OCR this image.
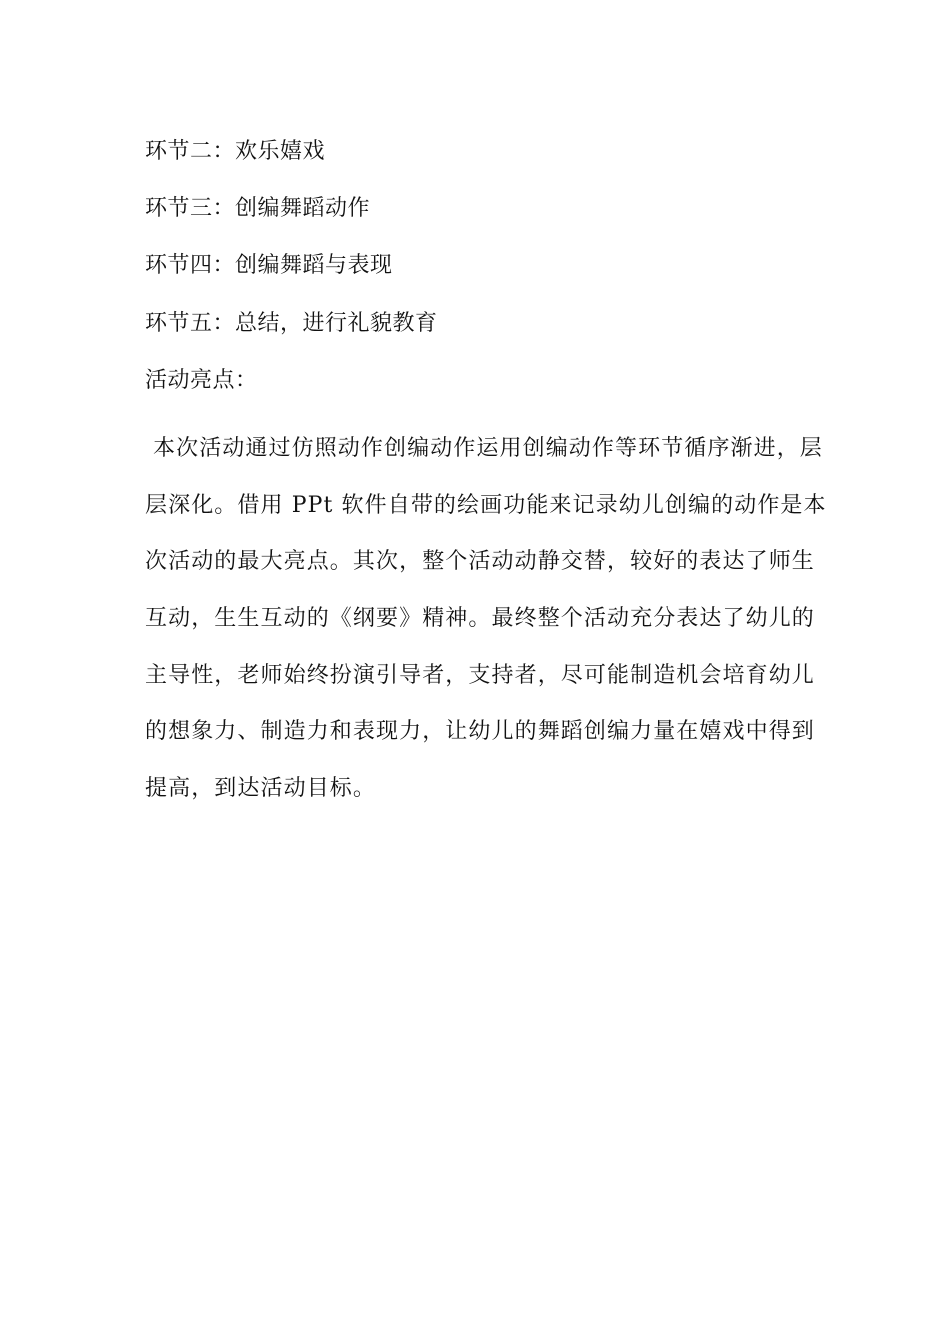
环节二：欢乐嬉戏
环节三：创编舞蹈动作
环节四：创编舞蹈与表现
环节五：总结，进行礼貌教育
活动亮点：
本次活动通过仿照动作创编动作运用创编动作等环节循序渐进，层
层深化。借用 PPt 软件自带的绘画功能来记录幼儿创编的动作是本
次活动的最大亮点。其次，整个活动动静交替，较好的表达了师生
互动，生生互动的《纲要》精神。最终整个活动充分表达了幼儿的
主导性，老师始终扮演引导者，支持者，尽可能制造机会培育幼儿
的想象力、制造力和表现力，让幼儿的舞蹈创编力量在嬉戏中得到
提高，到达活动目标。
